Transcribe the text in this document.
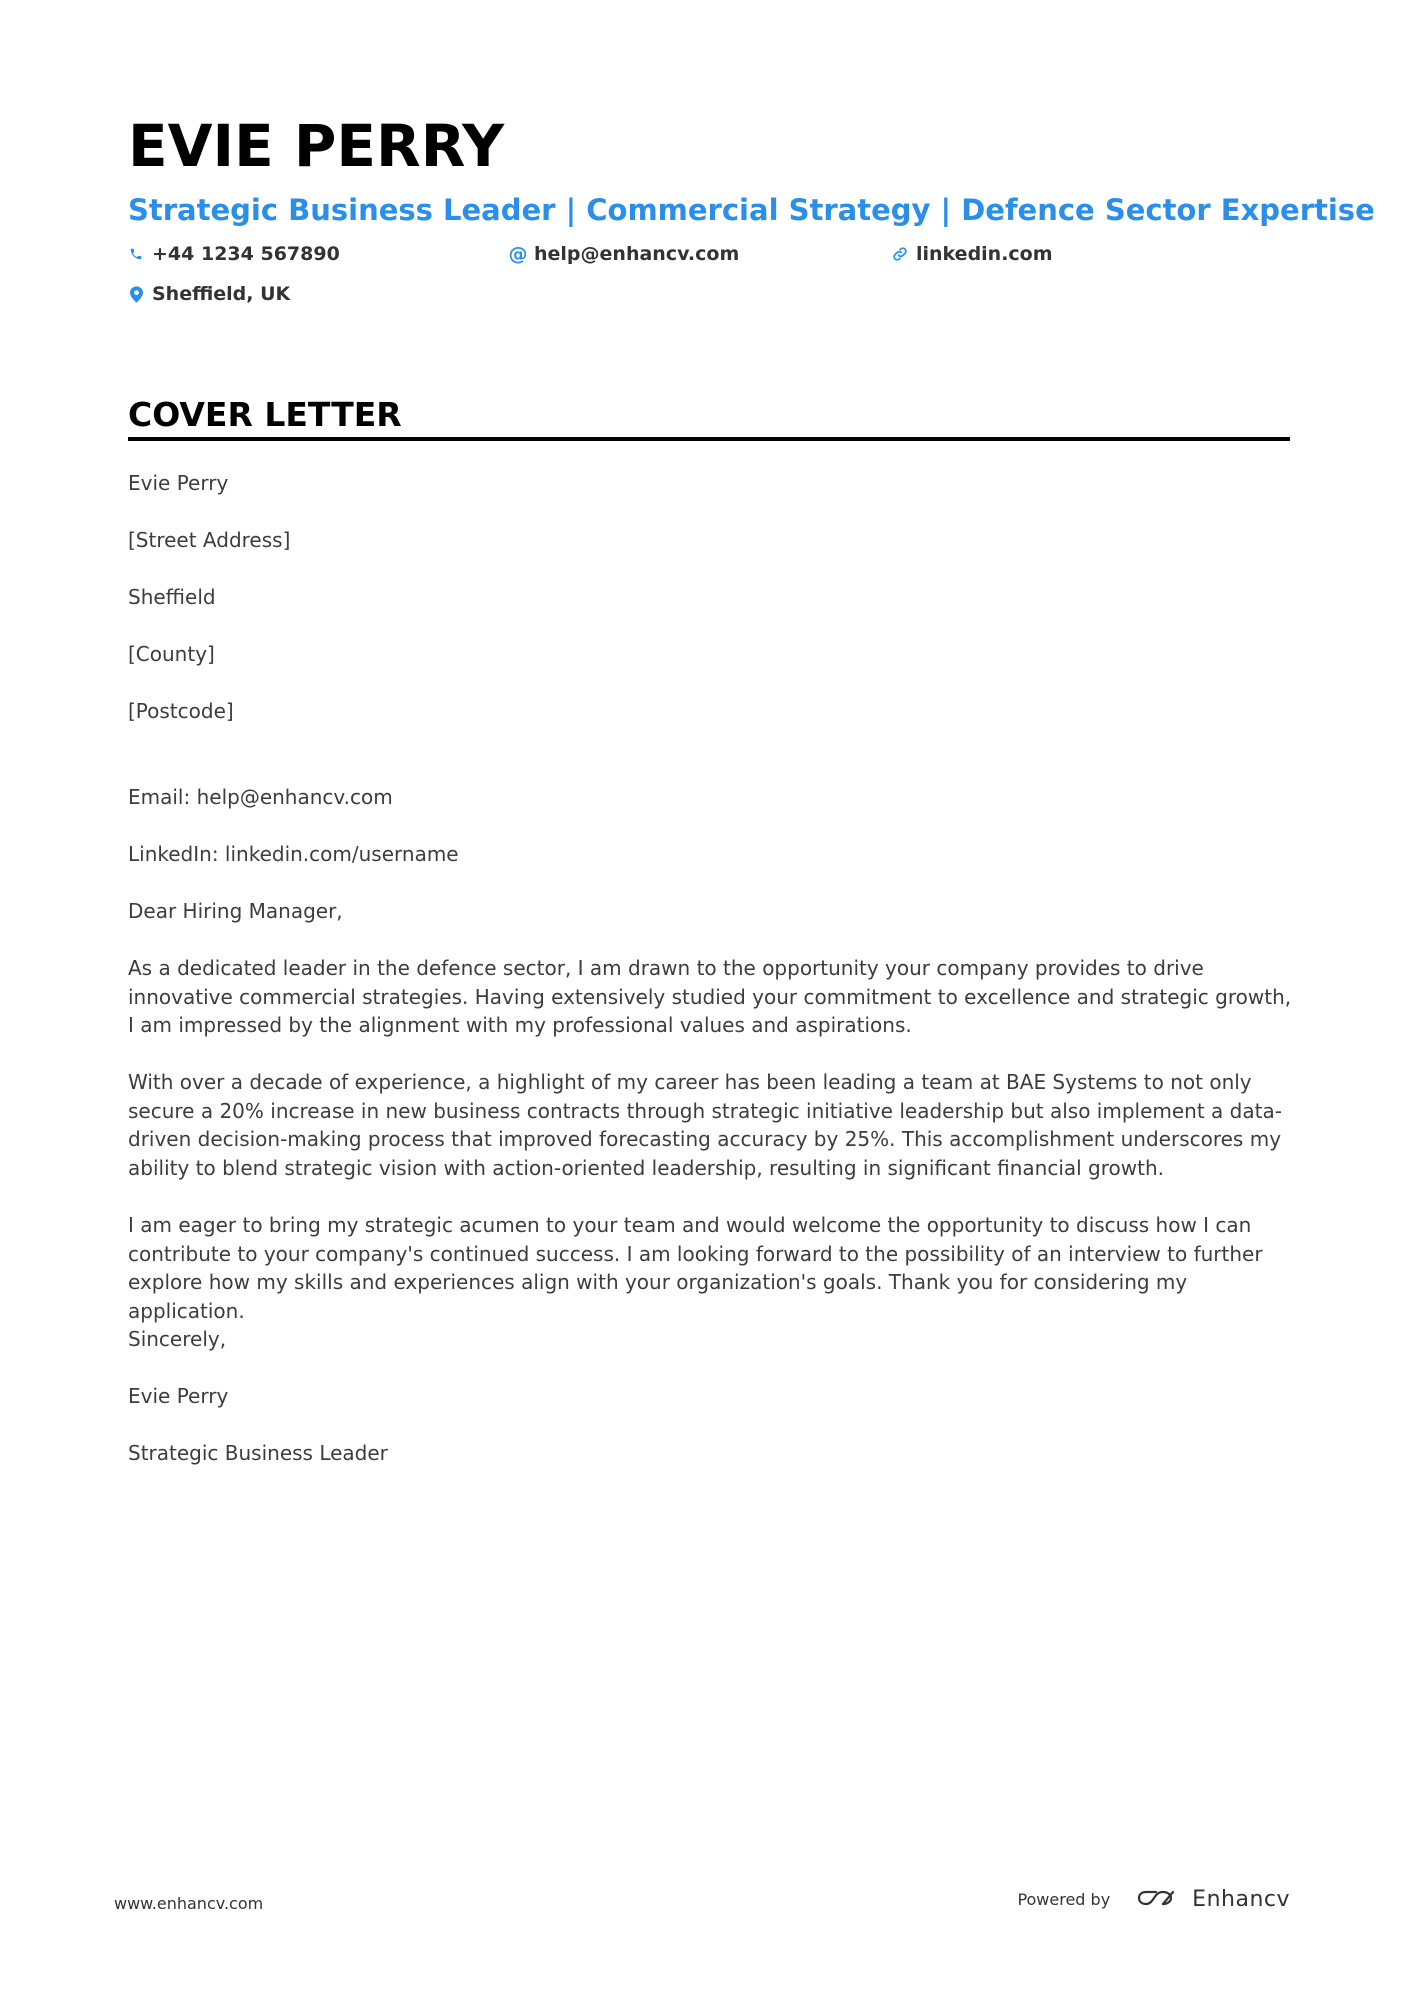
EVIE PERRY
Strategic Business Leader | Commercial Strategy | Defence Sector Expertise
+44 1234 567890	@ help@enhancv.com	linkedin.com
Sheffield, UK
COVER LETTER
Evie Perry
[Street Address]
Sheffield
[County]
[Postcode]
Email: help@enhancv.com
LinkedIn: linkedin.com/username
Dear Hiring Manager,
As a dedicated leader in the defence sector, I am drawn to the opportunity your company provides to drive innovative commercial strategies. Having extensively studied your commitment to excellence and strategic growth, I am impressed by the alignment with my professional values and aspirations.
With over a decade of experience, a highlight of my career has been leading a team at BAE Systems to not only secure a 20% increase in new business contracts through strategic initiative leadership but also implement a data-driven decision-making process that improved forecasting accuracy by 25%. This accomplishment underscores my ability to blend strategic vision with action-oriented leadership, resulting in significant financial growth.
I am eager to bring my strategic acumen to your team and would welcome the opportunity to discuss how I can contribute to your company's continued success. I am looking forward to the possibility of an interview to further explore how my skills and experiences align with your organization's goals. Thank you for considering my application.
Sincerely,
Evie Perry
Strategic Business Leader
www.enhancv.com	Powered by	Enhancv
